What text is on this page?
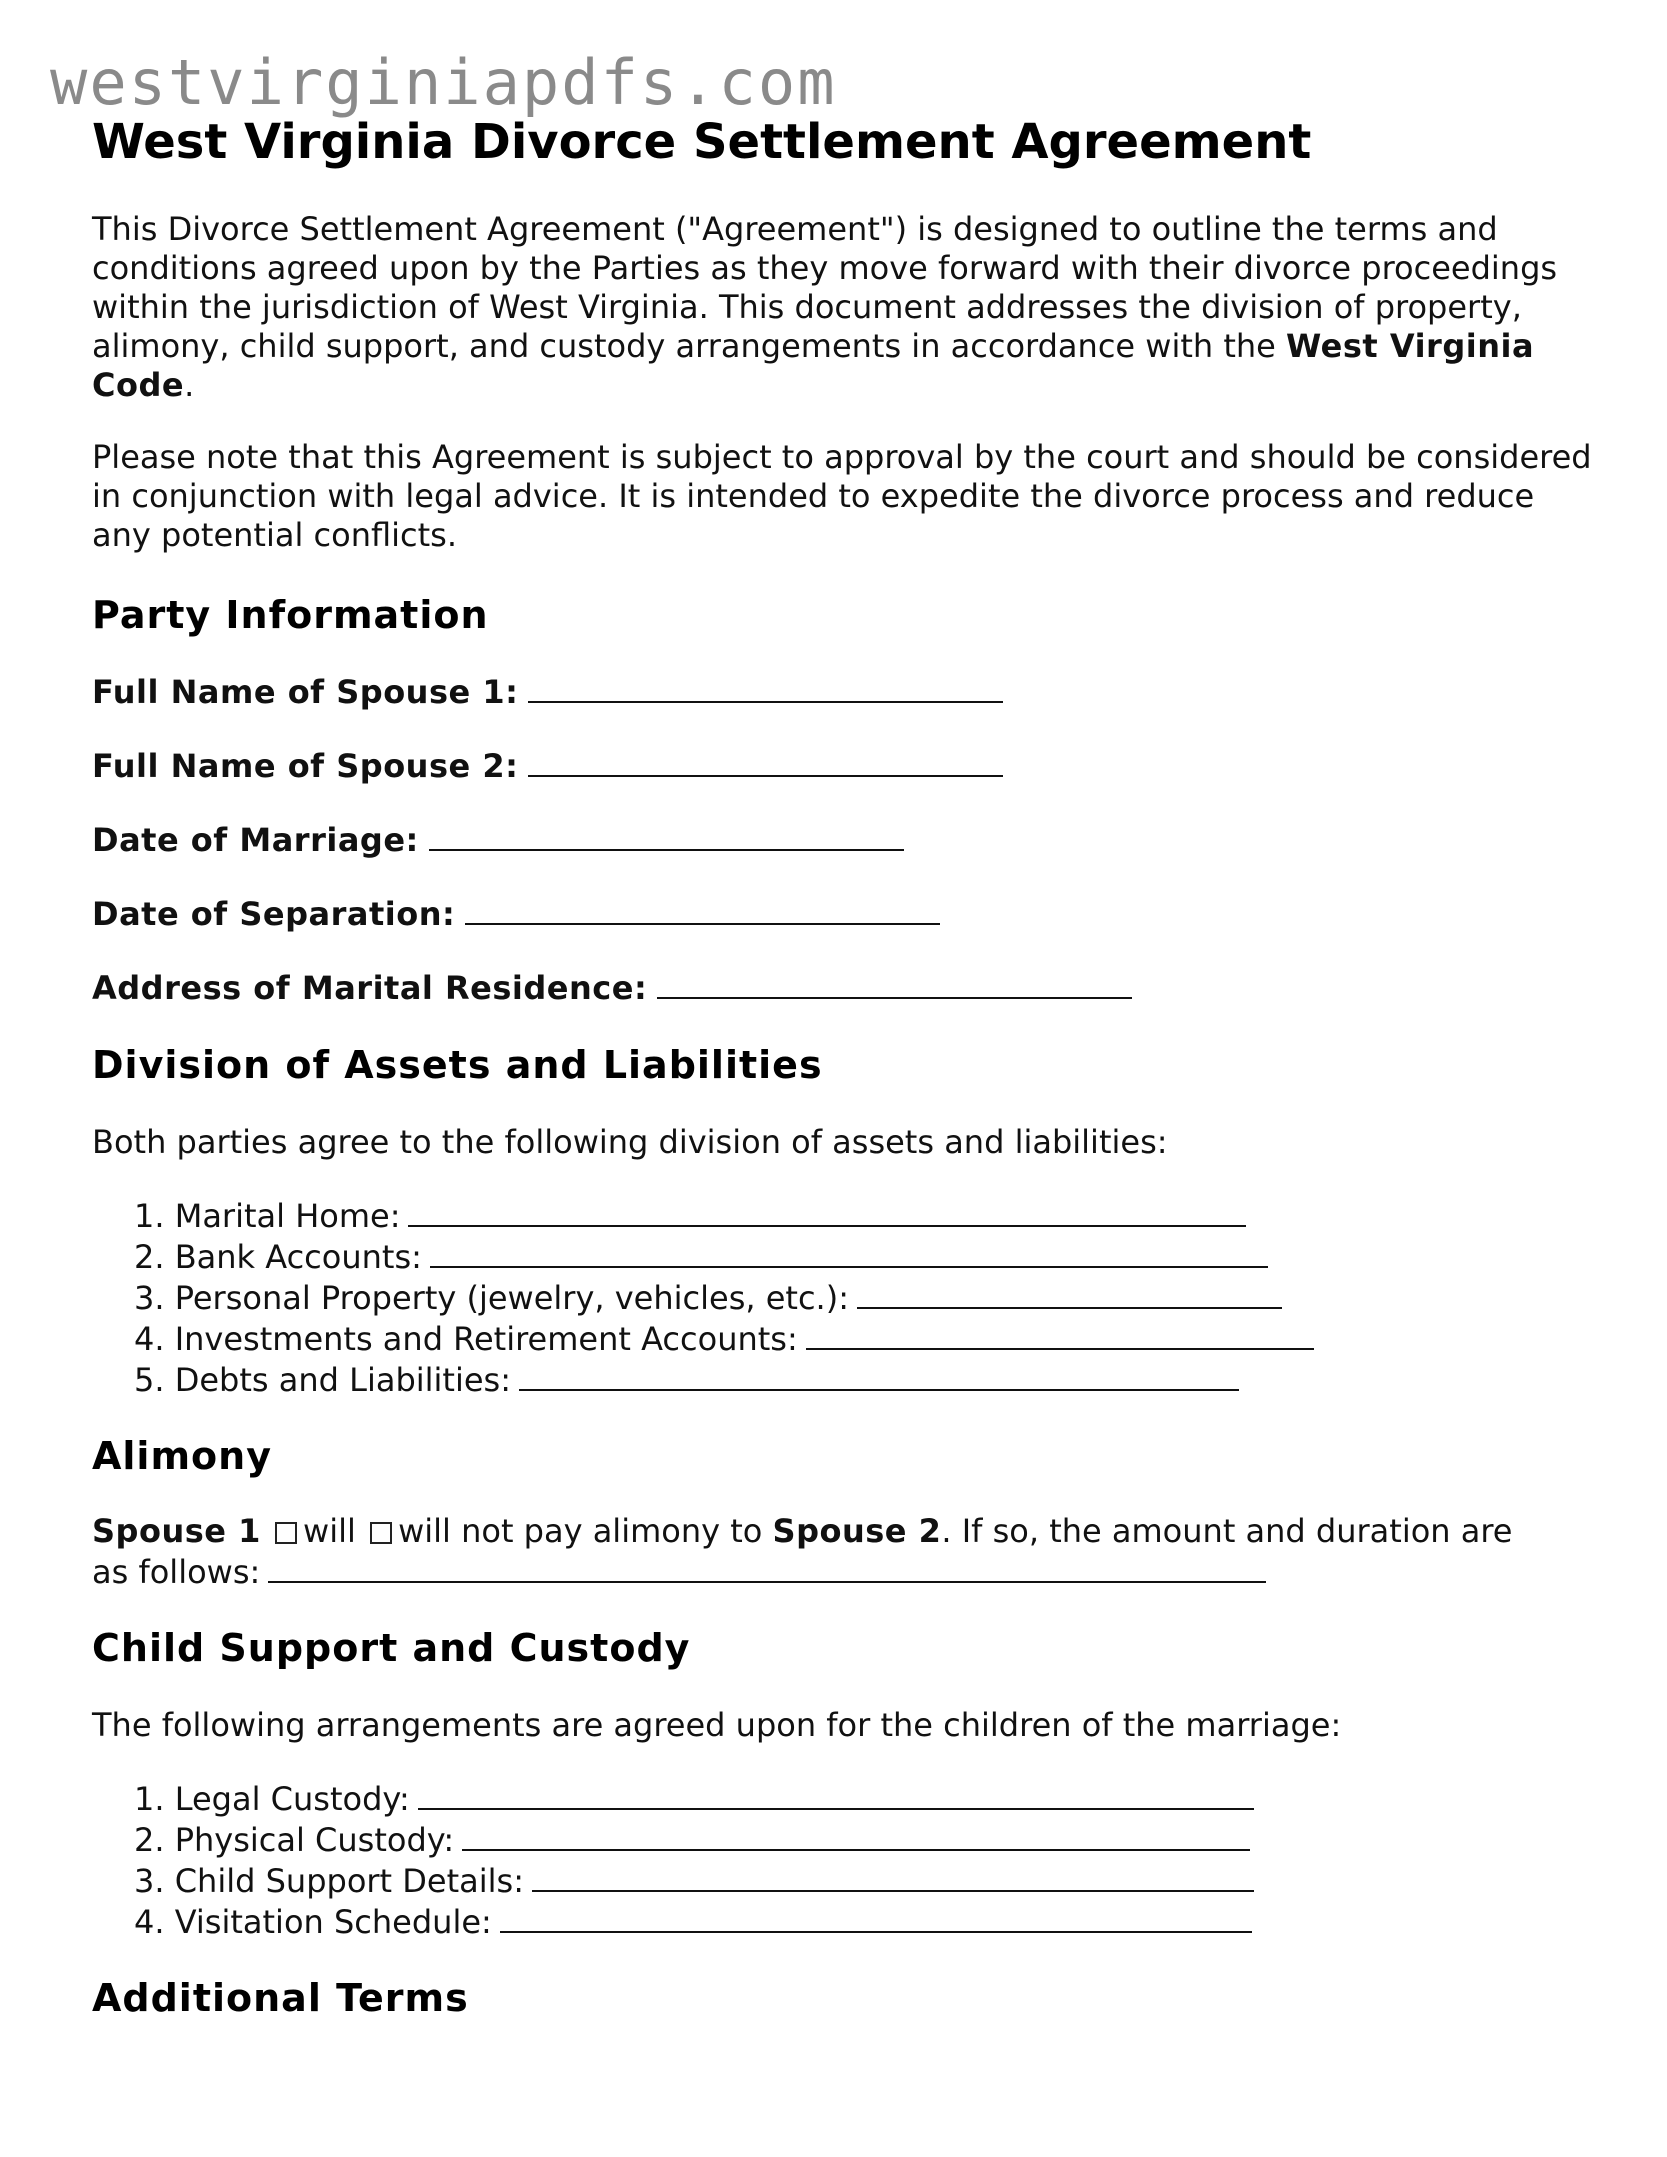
westvirginiapdfs.com
West Virginia Divorce Settlement Agreement

This Divorce Settlement Agreement ("Agreement") is designed to outline the terms and conditions agreed upon by the Parties as they move forward with their divorce proceedings within the jurisdiction of West Virginia. This document addresses the division of property, alimony, child support, and custody arrangements in accordance with the West Virginia Code.

Please note that this Agreement is subject to approval by the court and should be considered in conjunction with legal advice. It is intended to expedite the divorce process and reduce any potential conflicts.

Party Information

Full Name of Spouse 1:

Full Name of Spouse 2:

Date of Marriage:

Date of Separation:

Address of Marital Residence:

Division of Assets and Liabilities

Both parties agree to the following division of assets and liabilities:

1. Marital Home:
2. Bank Accounts:
3. Personal Property (jewelry, vehicles, etc.):
4. Investments and Retirement Accounts:
5. Debts and Liabilities:
Alimony

Spouse 1 will will not pay alimony to Spouse 2. If so, the amount and duration are
as follows:

Child Support and Custody

The following arrangements are agreed upon for the children of the marriage:

1. Legal Custody:
2. Physical Custody:
3. Child Support Details:
4. Visitation Schedule:
Additional Terms
